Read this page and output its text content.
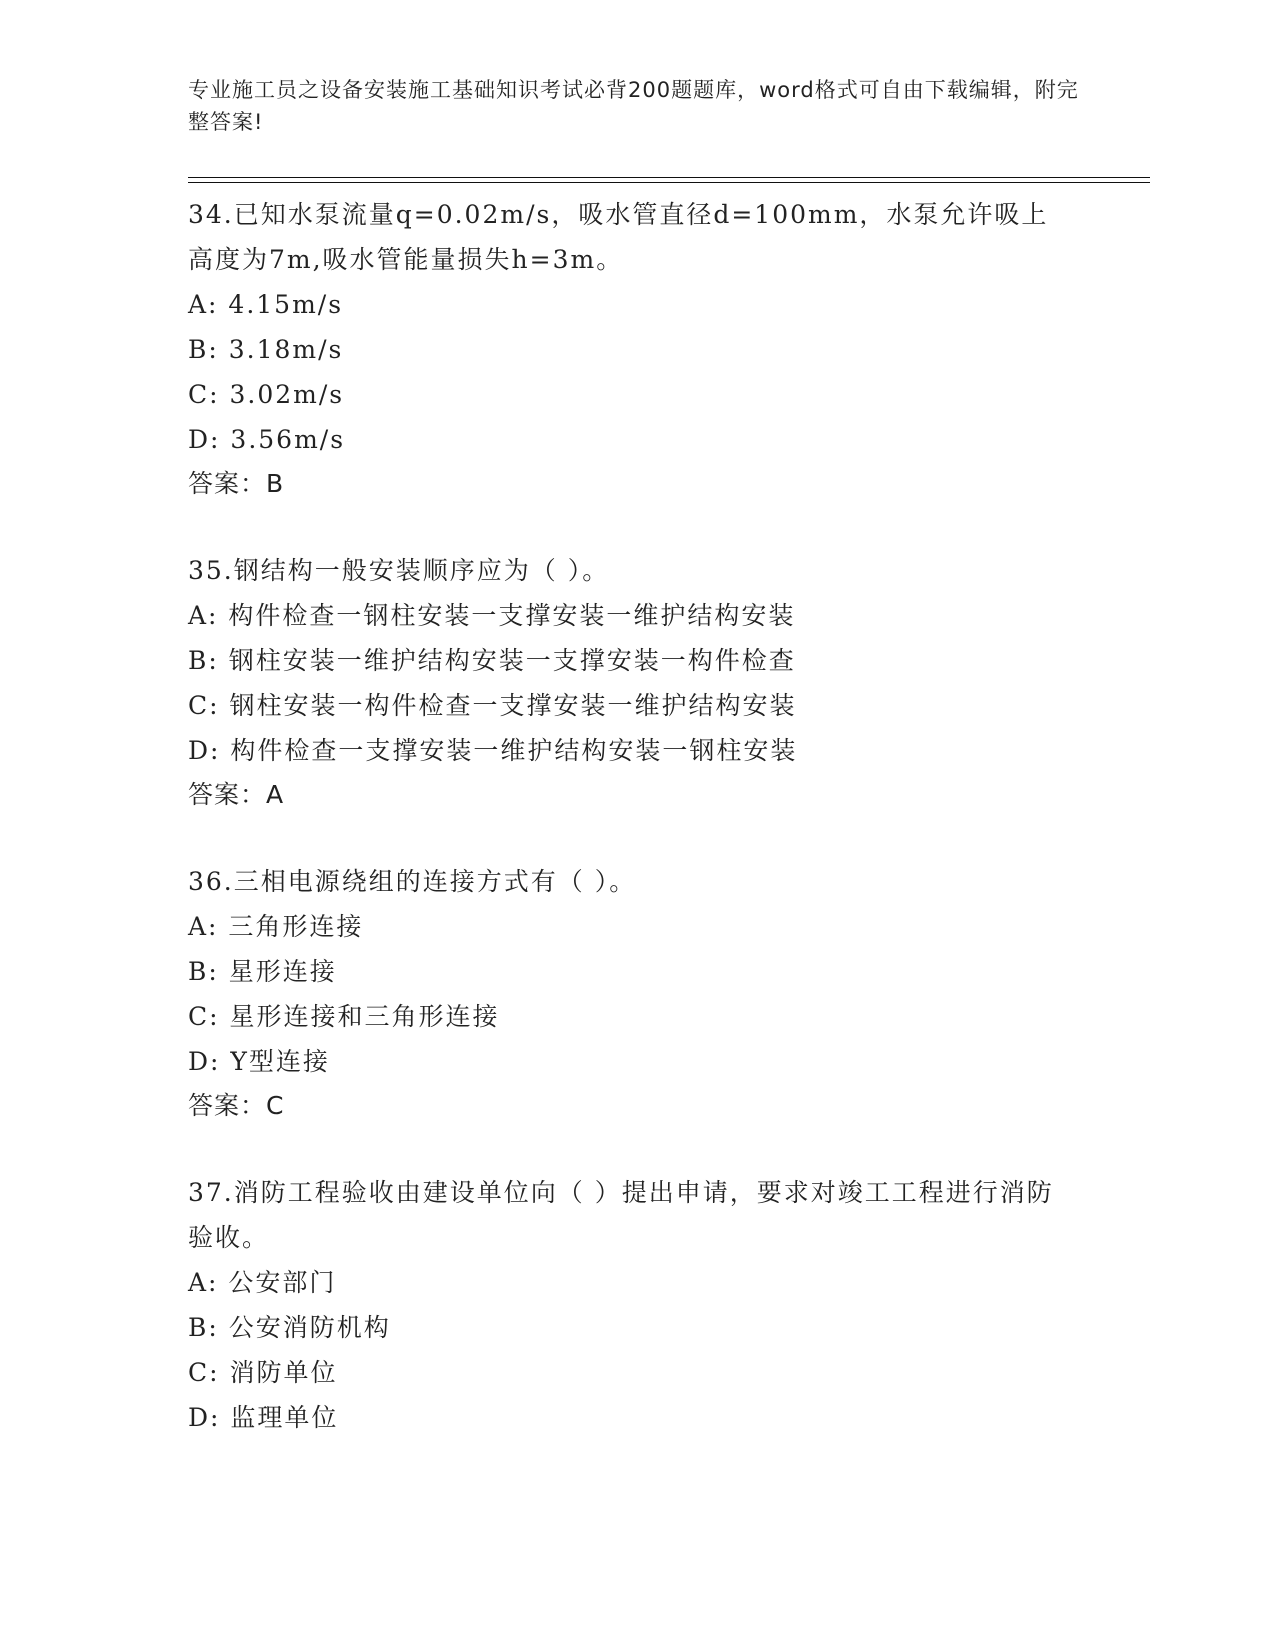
专业施工员之设备安装施工基础知识考试必背200题题库，word格式可自由下载编辑，附完整答案!

34.已知水泵流量q=0.02m/s，吸水管直径d=100mm，水泵允许吸上高度为7m,吸水管能量损失h=3m。

A: 4.15m/s

B: 3.18m/s

C: 3.02m/s

D: 3.56m/s

答案：B

35.钢结构一般安装顺序应为（ ）。

A: 构件检查一钢柱安装一支撑安装一维护结构安装

B: 钢柱安装一维护结构安装一支撑安装一构件检查

C: 钢柱安装一构件检查一支撑安装一维护结构安装

D: 构件检查一支撑安装一维护结构安装一钢柱安装

答案：A

36.三相电源绕组的连接方式有（ ）。

A: 三角形连接

B: 星形连接

C: 星形连接和三角形连接

D: Y型连接

答案：C

37.消防工程验收由建设单位向（ ）提出申请，要求对竣工工程进行消防验收。

A: 公安部门

B: 公安消防机构

C: 消防单位

D: 监理单位
